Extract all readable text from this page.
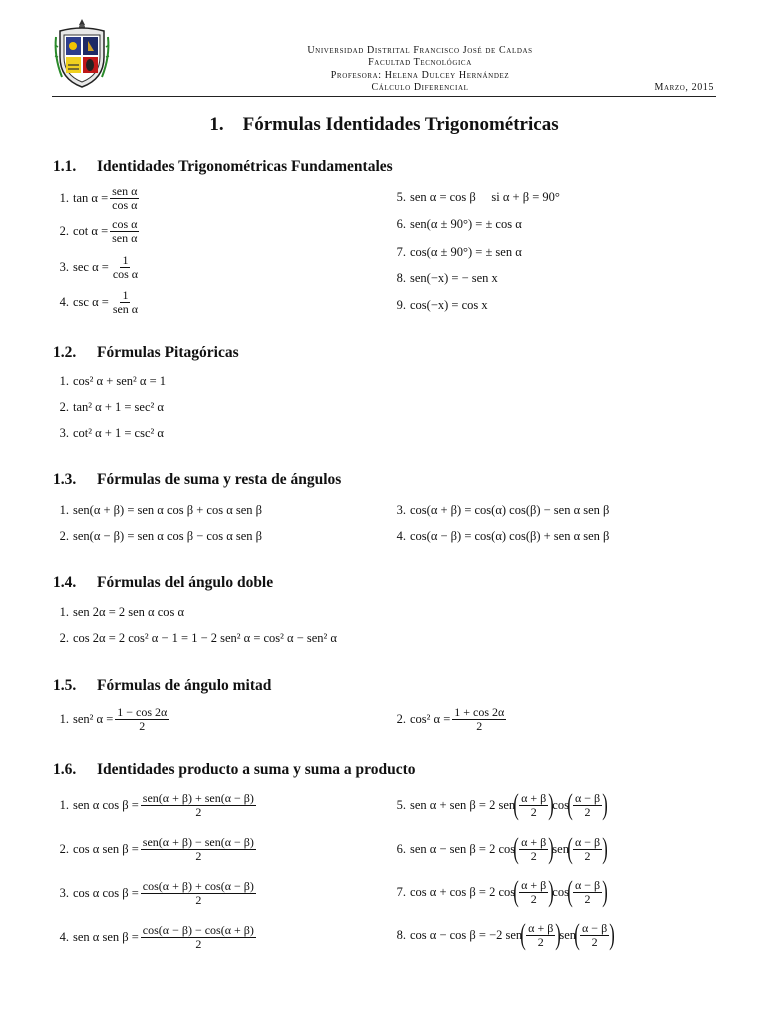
Universidad Distrital Francisco José de Caldas
Facultad Tecnológica
Profesora: Helena Dulcey Hernández
Cálculo Diferencial	Marzo, 2015
1. Fórmulas Identidades Trigonométricas
1.1. Identidades Trigonométricas Fundamentales
1. $\tan \alpha = \frac{\text{sen α}}{\text{cos α}}$
2. $\cot \alpha = \frac{\text{cos α}}{\text{sen α}}$
3. $\sec \alpha = \frac{1}{\text{cos α}}$
4. $\csc \alpha = \frac{1}{\text{sen α}}$
5. sen α = cos β     si α + β = 90°
6. sen(α ± 90°) = ± cos α
7. cos(α ± 90°) = ± sen α
8. sen(−x) = − sen x
9. cos(−x) = cos x
1.2. Fórmulas Pitagóricas
1. cos² α + sen² α = 1
2. tan² α + 1 = sec² α
3. cot² α + 1 = csc² α
1.3. Fórmulas de suma y resta de ángulos
1. sen(α + β) = sen α cos β + cos α sen β
2. sen(α − β) = sen α cos β − cos α sen β
3. cos(α + β) = cos(α) cos(β) − sen α sen β
4. cos(α − β) = cos(α) cos(β) + sen α sen β
1.4. Fórmulas del ángulo doble
1. sen 2α = 2 sen α cos α
2. cos 2α = 2 cos² α − 1 = 1 − 2 sen² α = cos² α − sen² α
1.5. Fórmulas de ángulo mitad
1. sen² $\alpha = \frac{1 - \cos 2\alpha}{2}$	2. cos² $\alpha = \frac{1 + \cos 2\alpha}{2}$
1.6. Identidades producto a suma y suma a producto
1. sen α $\cos \beta = \frac{\text{sen(α + β) + sen(α − β)}}{2}$
2. cos α sen $\beta = \frac{\text{sen(α + β) − sen(α − β)}}{2}$
3. cos α $\cos \beta = \frac{\cos(\alpha + \beta) + \cos(\alpha - \beta)}{2}$
4. sen α sen $\beta = \frac{\cos(\alpha - \beta) - \cos(\alpha + \beta)}{2}$
5. sen α + sen β = 2 sen
( $\frac{\alpha + \beta}{2}$ )
cos
( $\frac{\alpha - \beta}{2}$ )
6. sen α − sen β = 2 cos
( $\frac{\alpha + \beta}{2}$ )
sen
( $\frac{\alpha - \beta}{2}$ )
7. cos α + cos β = 2 cos
( $\frac{\alpha + \beta}{2}$ )
cos
( $\frac{\alpha - \beta}{2}$ )
8. cos α − cos β = −2 sen
( $\frac{\alpha + \beta}{2}$ )
sen
( $\frac{\alpha - \beta}{2}$ )
